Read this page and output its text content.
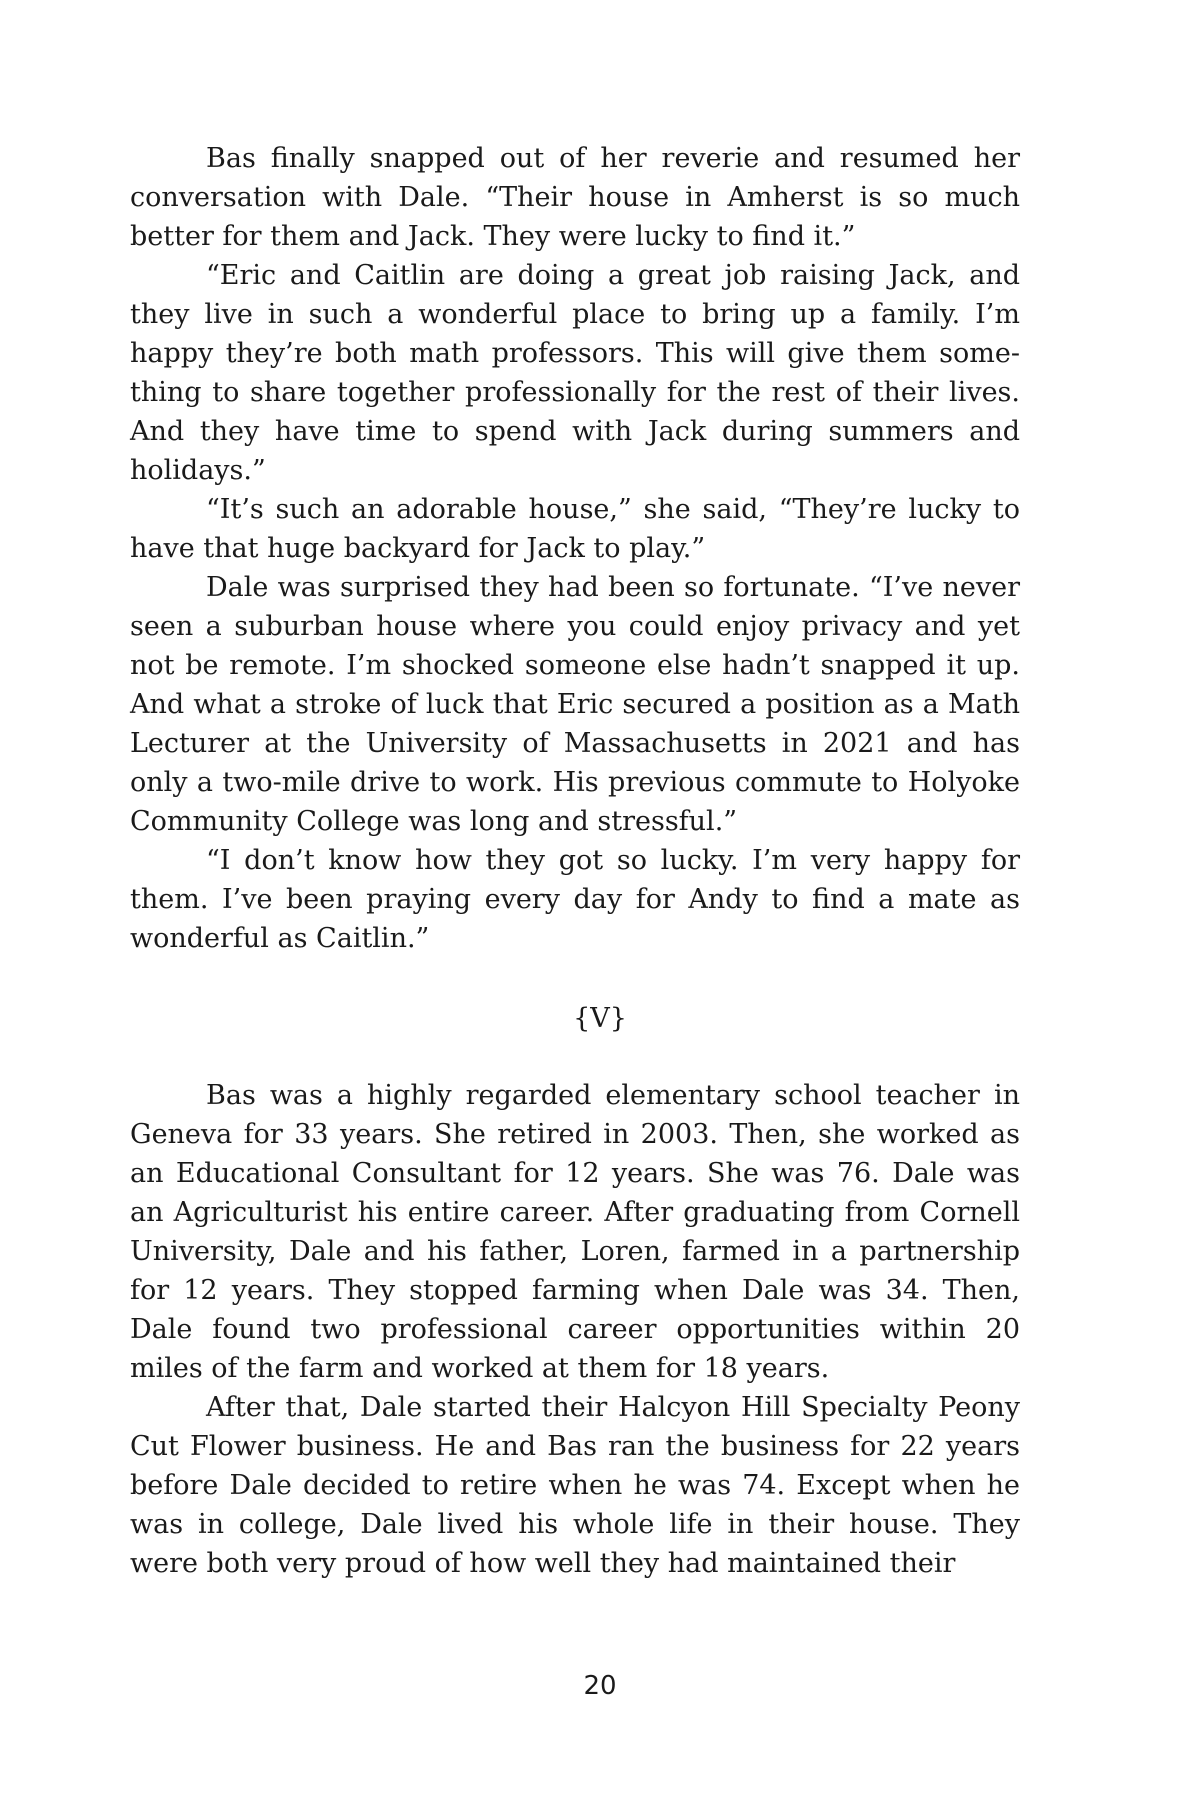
Bas finally snapped out of her reverie and resumed her conversation with Dale. “Their house in Amherst is so much better for them and Jack. They were lucky to find it.”

“Eric and Caitlin are doing a great job raising Jack, and they live in such a wonderful place to bring up a family. I’m happy they’re both math professors. This will give them something to share together professionally for the rest of their lives. And they have time to spend with Jack during summers and holidays.”

“It’s such an adorable house,” she said, “They’re lucky to have that huge backyard for Jack to play.”

Dale was surprised they had been so fortunate. “I’ve never seen a suburban house where you could enjoy privacy and yet not be remote. I’m shocked someone else hadn’t snapped it up. And what a stroke of luck that Eric secured a position as a Math Lecturer at the University of Massachusetts in 2021 and has only a two-mile drive to work. His previous commute to Holyoke Community College was long and stressful.”

“I don’t know how they got so lucky. I’m very happy for them. I’ve been praying every day for Andy to find a mate as wonderful as Caitlin.”

{V}

Bas was a highly regarded elementary school teacher in Geneva for 33 years. She retired in 2003. Then, she worked as an Educational Consultant for 12 years. She was 76. Dale was an Agriculturist his entire career. After graduating from Cornell University, Dale and his father, Loren, farmed in a partnership for 12 years. They stopped farming when Dale was 34. Then, Dale found two professional career opportunities within 20 miles of the farm and worked at them for 18 years.

After that, Dale started their Halcyon Hill Specialty Peony Cut Flower business. He and Bas ran the business for 22 years before Dale decided to retire when he was 74. Except when he was in college, Dale lived his whole life in their house. They were both very proud of how well they had maintained their

20
